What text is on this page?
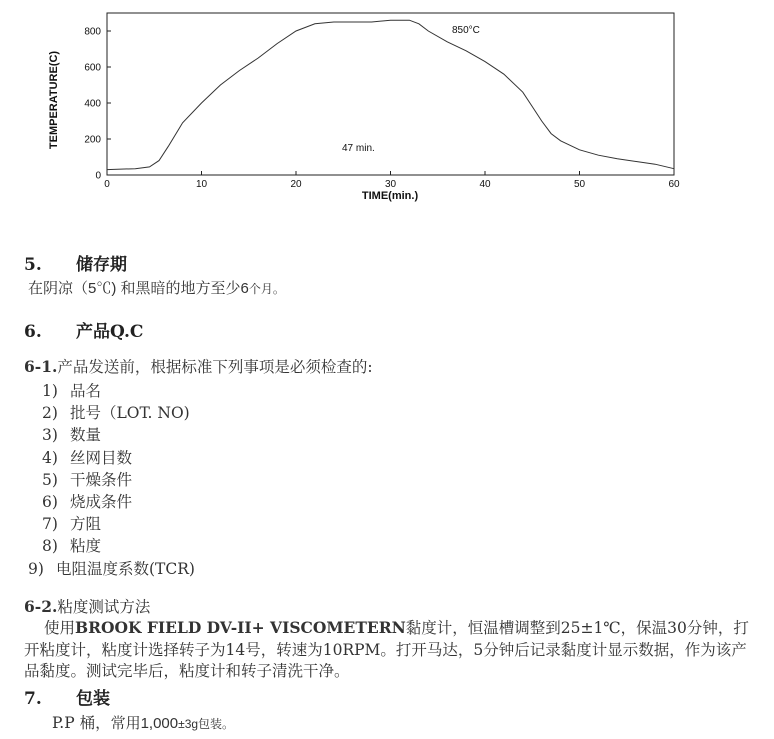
0	10	20	30	40	50	60
0
200
400
600
800
TEMPERATURE(C)
TIME(min.)
850°C
47 min.
5. 储存期
在阴凉（5℃) 和黑暗的地方至少6个月。
6. 产品Q.C
6-1.产品发送前，根据标准下列事项是必须检查的:
1) 品名
2) 批号（LOT. NO)
3) 数量
4) 丝网目数
5) 干燥条件
6) 烧成条件
7) 方阻
8) 粘度
9) 电阻温度系数(TCR)
6-2.粘度测试方法
使用BROOK FIELD DV-II+ VISCOMETERN黏度计，恒温槽调整到25±1℃，保温30分钟，打开粘度计，粘度计选择转子为14号，转速为10RPM。打开马达，5分钟后记录黏度计显示数据，作为该产品黏度。测试完毕后，粘度计和转子清洗干净。
7. 包装
P.P 桶，常用1,000±3g包装。
